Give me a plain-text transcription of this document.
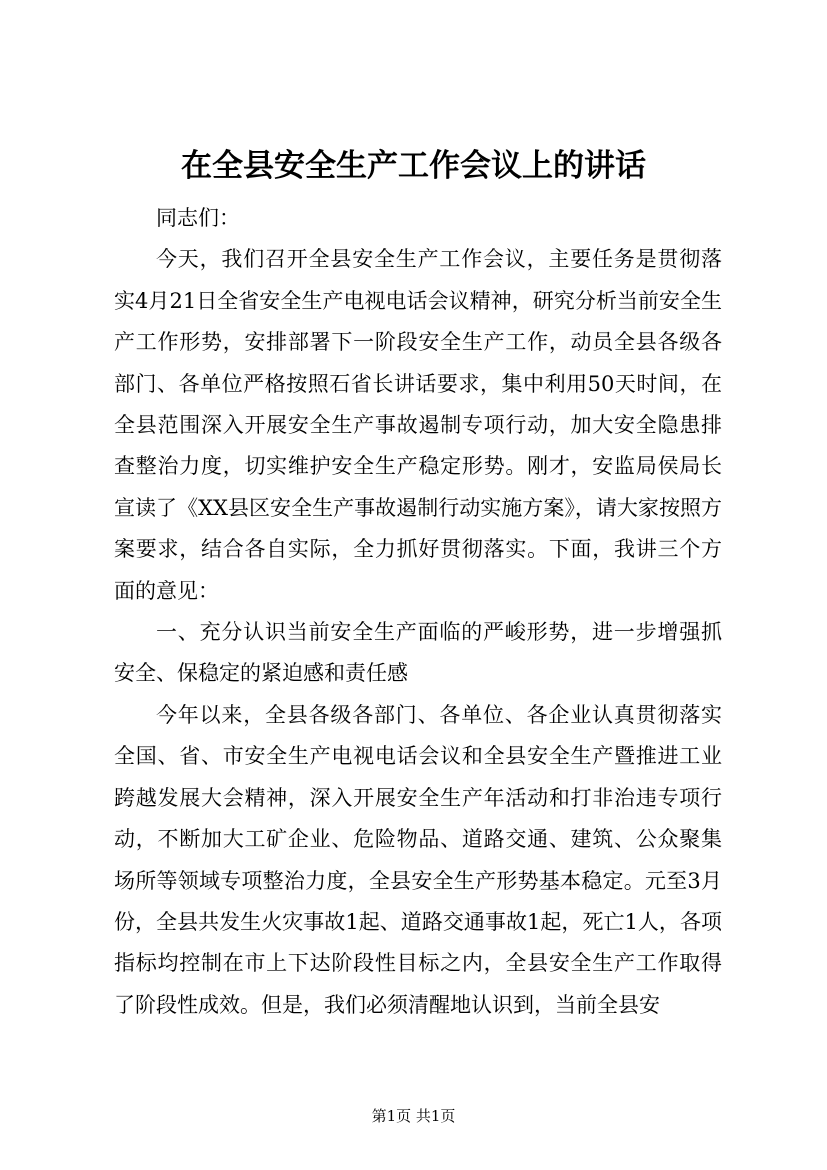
在全县安全生产工作会议上的讲话

同志们：

今天，我们召开全县安全生产工作会议，主要任务是贯彻落实4月21日全省安全生产电视电话会议精神，研究分析当前安全生产工作形势，安排部署下一阶段安全生产工作，动员全县各级各部门、各单位严格按照石省长讲话要求，集中利用50天时间，在全县范围深入开展安全生产事故遏制专项行动，加大安全隐患排查整治力度，切实维护安全生产稳定形势。刚才，安监局侯局长宣读了《XX县区安全生产事故遏制行动实施方案》，请大家按照方案要求，结合各自实际，全力抓好贯彻落实。下面，我讲三个方面的意见：

一、充分认识当前安全生产面临的严峻形势，进一步增强抓安全、保稳定的紧迫感和责任感

今年以来，全县各级各部门、各单位、各企业认真贯彻落实全国、省、市安全生产电视电话会议和全县安全生产暨推进工业跨越发展大会精神，深入开展安全生产年活动和打非治违专项行动，不断加大工矿企业、危险物品、道路交通、建筑、公众聚集场所等领域专项整治力度，全县安全生产形势基本稳定。元至3月份，全县共发生火灾事故1起、道路交通事故1起，死亡1人，各项指标均控制在市上下达阶段性目标之内，全县安全生产工作取得了阶段性成效。但是，我们必须清醒地认识到，当前全县安

第1页 共1页
